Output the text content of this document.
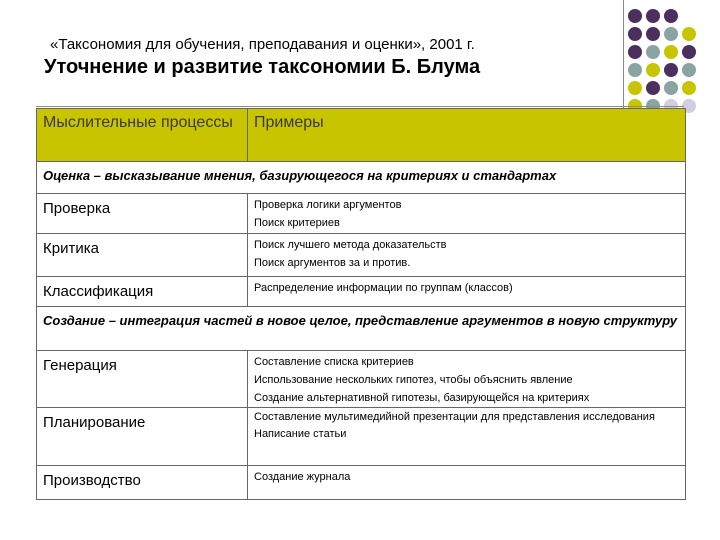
«Таксономия для обучения, преподавания и оценки», 2001 г.
Уточнение и развитие таксономии Б. Блума
Мыслительные процессы	Примеры
Оценка – высказывание мнения, базирующегося на критериях и стандартах	
Проверка	Проверка логики аргументов
Поиск критериев

Критика	Поиск лучшего метода доказательств
Поиск аргументов за и против.

Классификация	Распределение информации по группам (классов)

Создание – интеграция частей в новое целое, представление аргументов в новую структуру	
Генерация	Составление списка критериев
Использование нескольких гипотез, чтобы объяснить явление
Создание альтернативной гипотезы, базирующейся на критериях

Планирование	Составление мультимедийной презентации для представления исследования
Написание статьи

Производство	Создание журнала
